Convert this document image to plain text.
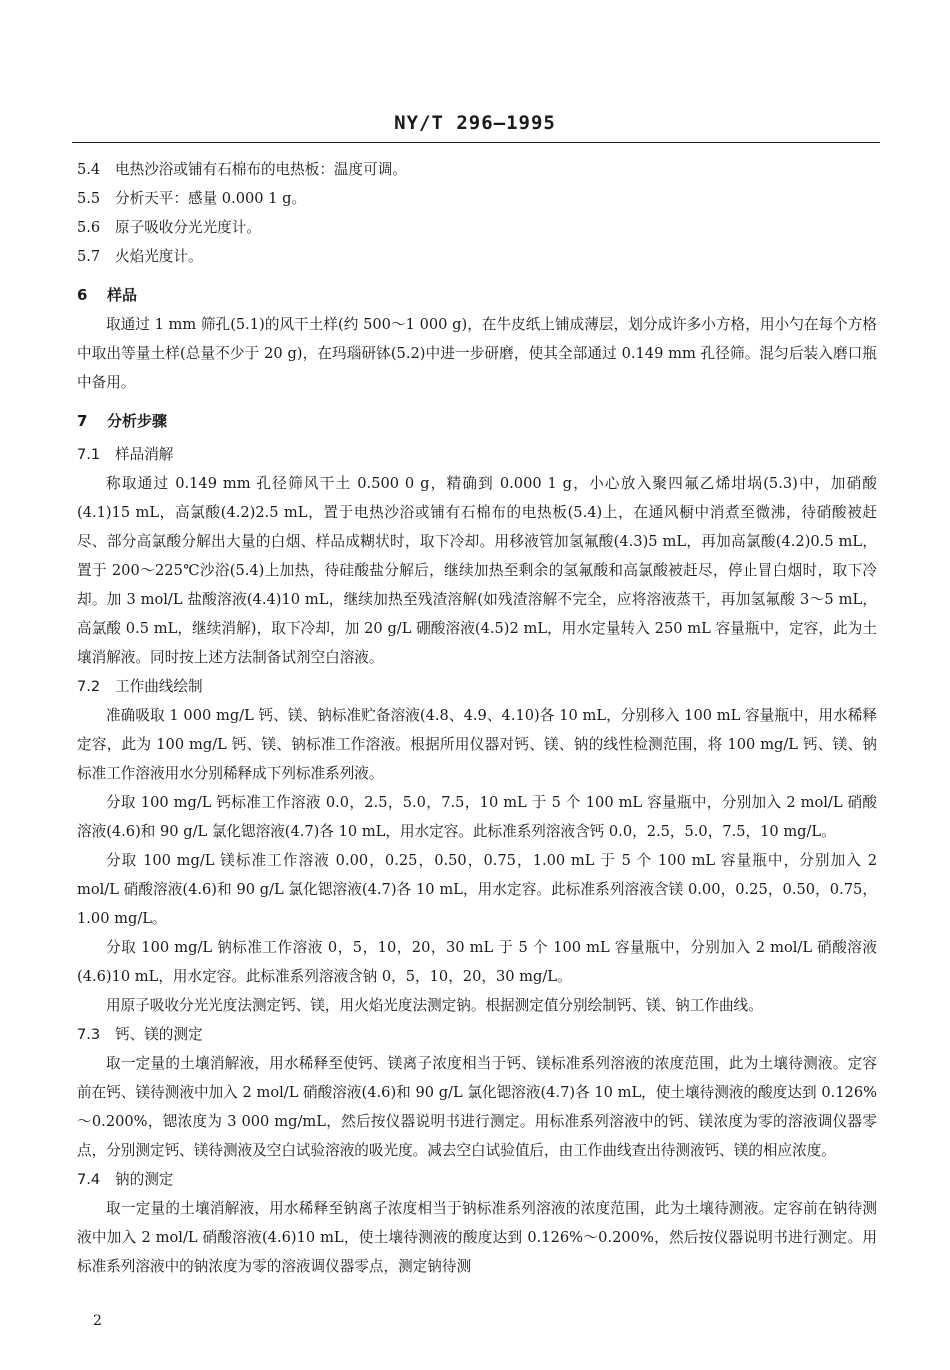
NY/T 296—1995
5.4	电热沙浴或铺有石棉布的电热板：温度可调。
5.5	分析天平：感量 0.000 1 g。
5.6	原子吸收分光光度计。
5.7	火焰光度计。
6	样品

取通过 1 mm 筛孔(5.1)的风干土样(约 500～1 000 g)，在牛皮纸上铺成薄层，划分成许多小方格，用小勺在每个方格中取出等量土样(总量不少于 20 g)，在玛瑙研钵(5.2)中进一步研磨，使其全部通过 0.149 mm 孔径筛。混匀后装入磨口瓶中备用。

7	分析步骤
7.1	样品消解

称取通过 0.149 mm 孔径筛风干土 0.500 0 g，精确到 0.000 1 g，小心放入聚四氟乙烯坩埚(5.3)中，加硝酸(4.1)15 mL，高氯酸(4.2)2.5 mL，置于电热沙浴或铺有石棉布的电热板(5.4)上，在通风橱中消煮至微沸，待硝酸被赶尽、部分高氯酸分解出大量的白烟、样品成糊状时，取下冷却。用移液管加氢氟酸(4.3)5 mL，再加高氯酸(4.2)0.5 mL，置于 200～225℃沙浴(5.4)上加热，待硅酸盐分解后，继续加热至剩余的氢氟酸和高氯酸被赶尽，停止冒白烟时，取下冷却。加 3 mol/L 盐酸溶液(4.4)10 mL，继续加热至残渣溶解(如残渣溶解不完全，应将溶液蒸干，再加氢氟酸 3～5 mL，高氯酸 0.5 mL，继续消解)，取下冷却，加 20 g/L 硼酸溶液(4.5)2 mL，用水定量转入 250 mL 容量瓶中，定容，此为土壤消解液。同时按上述方法制备试剂空白溶液。

7.2	工作曲线绘制

准确吸取 1 000 mg/L 钙、镁、钠标准贮备溶液(4.8、4.9、4.10)各 10 mL，分别移入 100 mL 容量瓶中，用水稀释定容，此为 100 mg/L 钙、镁、钠标准工作溶液。根据所用仪器对钙、镁、钠的线性检测范围，将 100 mg/L 钙、镁、钠标准工作溶液用水分别稀释成下列标准系列液。

分取 100 mg/L 钙标准工作溶液 0.0，2.5，5.0，7.5，10 mL 于 5 个 100 mL 容量瓶中，分别加入 2 mol/L 硝酸溶液(4.6)和 90 g/L 氯化锶溶液(4.7)各 10 mL，用水定容。此标准系列溶液含钙 0.0，2.5，5.0，7.5，10 mg/L。

分取 100 mg/L 镁标准工作溶液 0.00，0.25，0.50，0.75，1.00 mL 于 5 个 100 mL 容量瓶中，分别加入 2 mol/L 硝酸溶液(4.6)和 90 g/L 氯化锶溶液(4.7)各 10 mL，用水定容。此标准系列溶液含镁 0.00，0.25，0.50，0.75，1.00 mg/L。

分取 100 mg/L 钠标准工作溶液 0，5，10，20，30 mL 于 5 个 100 mL 容量瓶中，分别加入 2 mol/L 硝酸溶液(4.6)10 mL，用水定容。此标准系列溶液含钠 0，5，10，20，30 mg/L。

用原子吸收分光光度法测定钙、镁，用火焰光度法测定钠。根据测定值分别绘制钙、镁、钠工作曲线。

7.3	钙、镁的测定

取一定量的土壤消解液，用水稀释至使钙、镁离子浓度相当于钙、镁标准系列溶液的浓度范围，此为土壤待测液。定容前在钙、镁待测液中加入 2 mol/L 硝酸溶液(4.6)和 90 g/L 氯化锶溶液(4.7)各 10 mL，使土壤待测液的酸度达到 0.126%～0.200%，锶浓度为 3 000 mg/mL，然后按仪器说明书进行测定。用标准系列溶液中的钙、镁浓度为零的溶液调仪器零点，分别测定钙、镁待测液及空白试验溶液的吸光度。减去空白试验值后，由工作曲线查出待测液钙、镁的相应浓度。

7.4	钠的测定

取一定量的土壤消解液，用水稀释至钠离子浓度相当于钠标准系列溶液的浓度范围，此为土壤待测液。定容前在钠待测液中加入 2 mol/L 硝酸溶液(4.6)10 mL，使土壤待测液的酸度达到 0.126%～0.200%，然后按仪器说明书进行测定。用标准系列溶液中的钠浓度为零的溶液调仪器零点，测定钠待测

2
